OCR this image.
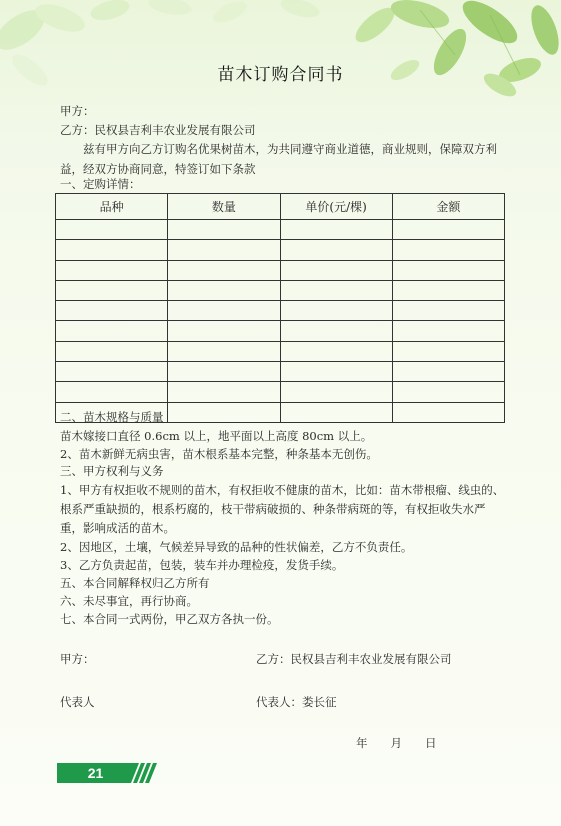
苗木订购合同书
甲方：
乙方：民权县吉利丰农业发展有限公司
兹有甲方向乙方订购名优果树苗木，为共同遵守商业道德，商业规则，保障双方利益，经双方协商同意，特签订如下条款
一、定购详情：
品种	数量	单价(元/棵)	金额

二、苗木规格与质量
苗木嫁接口直径 0.6cm 以上，地平面以上高度 80cm 以上。
2、苗木新鲜无病虫害，苗木根系基本完整，种条基本无创伤。
三、甲方权利与义务
1、甲方有权拒收不规则的苗木，有权拒收不健康的苗木，比如：苗木带根瘤、线虫的、根系严重缺损的，根系朽腐的，枝干带病破损的、种条带病斑的等，有权拒收失水严重，影响成活的苗木。
2、因地区，土壤，气候差异导致的品种的性状偏差，乙方不负责任。
3、乙方负责起苗，包装，装车并办理检疫，发货手续。
五、本合同解释权归乙方所有
六、未尽事宜，再行协商。
七、本合同一式两份，甲乙双方各执一份。
甲方：	乙方：民权县吉利丰农业发展有限公司
代表人	代表人：娄长征
年　　月　　日
21
